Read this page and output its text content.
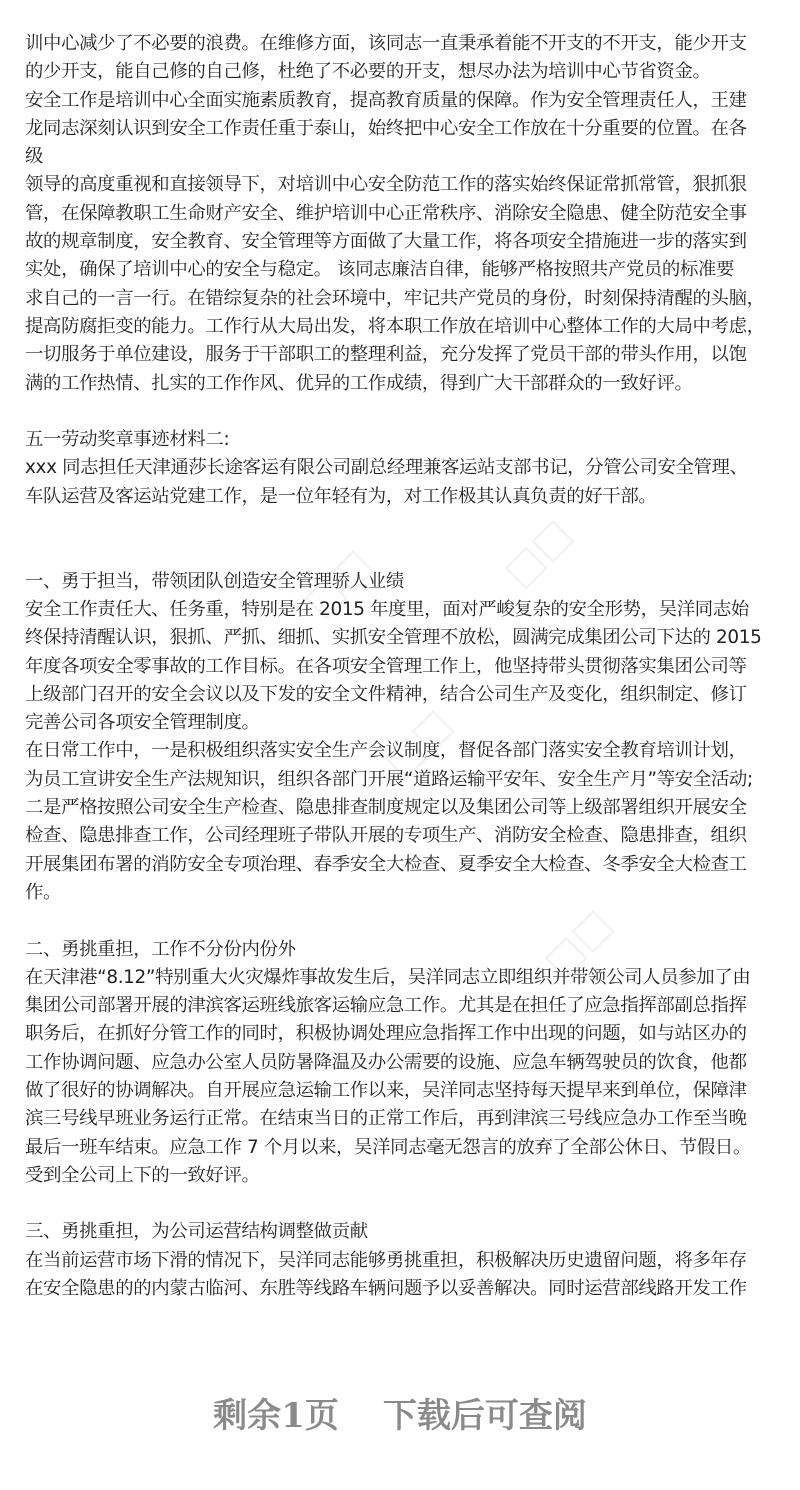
□□	□□
□□
□□
训中心减少了不必要的浪费。在维修方面，该同志一直秉承着能不开支的不开支，能少开支
的少开支，能自己修的自己修，杜绝了不必要的开支，想尽办法为培训中心节省资金。
安全工作是培训中心全面实施素质教育，提高教育质量的保障。作为安全管理责任人，王建
龙同志深刻认识到安全工作责任重于泰山，始终把中心安全工作放在十分重要的位置。在各
级
领导的高度重视和直接领导下，对培训中心安全防范工作的落实始终保证常抓常管，狠抓狠
管，在保障教职工生命财产安全、维护培训中心正常秩序、消除安全隐患、健全防范安全事
故的规章制度，安全教育、安全管理等方面做了大量工作，将各项安全措施进一步的落实到
实处，确保了培训中心的安全与稳定。 该同志廉洁自律，能够严格按照共产党员的标准要
求自己的一言一行。在错综复杂的社会环境中，牢记共产党员的身份，时刻保持清醒的头脑，
提高防腐拒变的能力。工作行从大局出发，将本职工作放在培训中心整体工作的大局中考虑，
一切服务于单位建设，服务于干部职工的整理利益，充分发挥了党员干部的带头作用，以饱
满的工作热情、扎实的工作作风、优异的工作成绩，得到广大干部群众的一致好评。
五一劳动奖章事迹材料二:
xxx 同志担任天津通莎长途客运有限公司副总经理兼客运站支部书记，分管公司安全管理、
车队运营及客运站党建工作，是一位年轻有为，对工作极其认真负责的好干部。
一、勇于担当，带领团队创造安全管理骄人业绩
安全工作责任大、任务重，特别是在 2015 年度里，面对严峻复杂的安全形势，吴洋同志始
终保持清醒认识，狠抓、严抓、细抓、实抓安全管理不放松，圆满完成集团公司下达的 2015
年度各项安全零事故的工作目标。在各项安全管理工作上，他坚持带头贯彻落实集团公司等
上级部门召开的安全会议以及下发的安全文件精神，结合公司生产及变化，组织制定、修订
完善公司各项安全管理制度。
在日常工作中，一是积极组织落实安全生产会议制度，督促各部门落实安全教育培训计划，
为员工宣讲安全生产法规知识，组织各部门开展“道路运输平安年、安全生产月”等安全活动;
二是严格按照公司安全生产检查、隐患排查制度规定以及集团公司等上级部署组织开展安全
检查、隐患排查工作，公司经理班子带队开展的专项生产、消防安全检查、隐患排查，组织
开展集团布署的消防安全专项治理、春季安全大检查、夏季安全大检查、冬季安全大检查工
作。
二、勇挑重担，工作不分份内份外
在天津港“8.12”特别重大火灾爆炸事故发生后，吴洋同志立即组织并带领公司人员参加了由
集团公司部署开展的津滨客运班线旅客运输应急工作。尤其是在担任了应急指挥部副总指挥
职务后，在抓好分管工作的同时，积极协调处理应急指挥工作中出现的问题，如与站区办的
工作协调问题、应急办公室人员防暑降温及办公需要的设施、应急车辆驾驶员的饮食，他都
做了很好的协调解决。自开展应急运输工作以来，吴洋同志坚持每天提早来到单位，保障津
滨三号线早班业务运行正常。在结束当日的正常工作后，再到津滨三号线应急办工作至当晚
最后一班车结束。应急工作 7 个月以来，吴洋同志毫无怨言的放弃了全部公休日、节假日。
受到全公司上下的一致好评。
三、勇挑重担，为公司运营结构调整做贡献
在当前运营市场下滑的情况下，吴洋同志能够勇挑重担，积极解决历史遗留问题，将多年存
在安全隐患的的内蒙古临河、东胜等线路车辆问题予以妥善解决。同时运营部线路开发工作
剩余1页 下载后可查阅
